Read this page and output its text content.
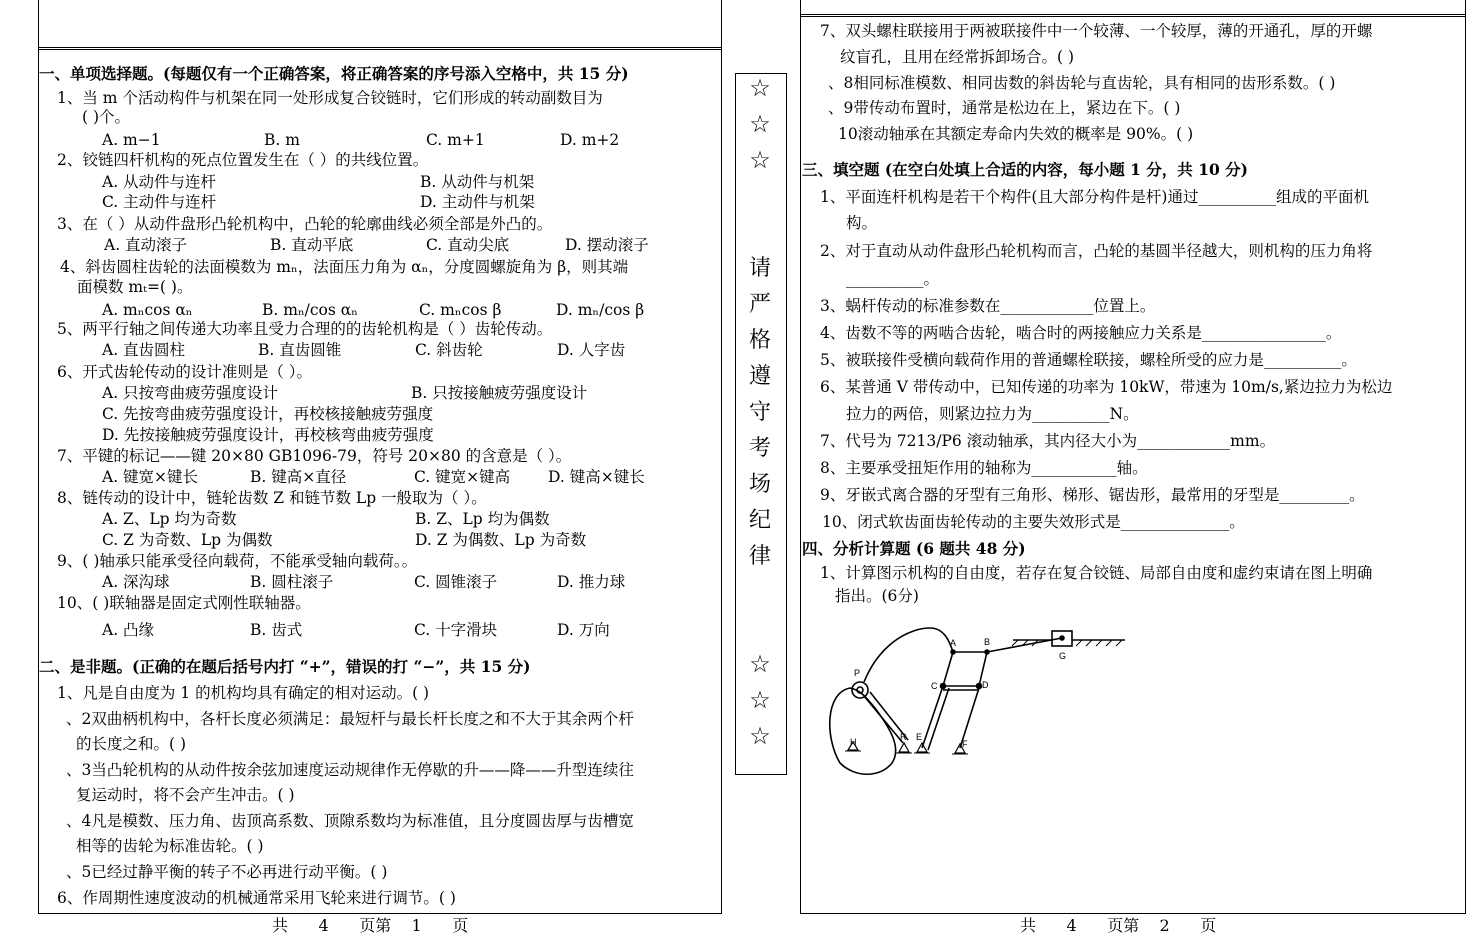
一、单项选择题。(每题仅有一个正确答案，将正确答案的序号添入空格中，共 15 分)
1、当 m 个活动构件与机架在同一处形成复合铰链时，它们形成的转动副数目为
( )个。
A. m−1	B. m	C. m+1	D. m+2
2、铰链四杆机构的死点位置发生在（ ）的共线位置。
A. 从动件与连杆	B. 从动件与机架
C. 主动件与连杆	D. 主动件与机架
3、在（ ）从动件盘形凸轮机构中，凸轮的轮廓曲线必须全部是外凸的。
A. 直动滚子	B. 直动平底	C. 直动尖底	D. 摆动滚子
4、斜齿圆柱齿轮的法面模数为 mₙ，法面压力角为 αₙ，分度圆螺旋角为 β，则其端
面模数 mₜ=( )。
A. mₙcos αₙ	B. mₙ/cos αₙ	C. mₙcos β	D. mₙ/cos β
5、两平行轴之间传递大功率且受力合理的的齿轮机构是（ ）齿轮传动。
A. 直齿圆柱	B. 直齿圆锥	C. 斜齿轮	D. 人字齿
6、开式齿轮传动的设计准则是（ ）。
A. 只按弯曲疲劳强度设计	B. 只按接触疲劳强度设计
C. 先按弯曲疲劳强度设计，再校核接触疲劳强度
D. 先按接触疲劳强度设计，再校核弯曲疲劳强度
7、平键的标记——键 20×80 GB1096-79，符号 20×80 的含意是（ ）。
A. 键宽×键长	B. 键高×直径	C. 键宽×键高 D. 键高×键长
8、链传动的设计中，链轮齿数 Z 和链节数 Lp 一般取为（ ）。
A. Z、Lp 均为奇数	B. Z、Lp 均为偶数
C. Z 为奇数、Lp 为偶数	D. Z 为偶数、Lp 为奇数
9、( )轴承只能承受径向载荷，不能承受轴向载荷。。
A. 深沟球	B. 圆柱滚子	C. 圆锥滚子	D. 推力球
10、( )联轴器是固定式刚性联轴器。
A. 凸缘	B. 齿式	C. 十字滑块	D. 万向
二、是非题。(正确的在题后括号内打 “+”，错误的打 “−”，共 15 分)
1、凡是自由度为 1 的机构均具有确定的相对运动。( )
、2双曲柄机构中，各杆长度必须满足：最短杆与最长杆长度之和不大于其余两个杆
的长度之和。( )
、3当凸轮机构的从动件按余弦加速度运动规律作无停歇的升——降——升型连续往
复运动时，将不会产生冲击。( )
、4凡是模数、压力角、齿顶高系数、顶隙系数均为标准值，且分度圆齿厚与齿槽宽
相等的齿轮为标准齿轮。( )
、5已经过静平衡的转子不必再进行动平衡。( )
6、作周期性速度波动的机械通常采用飞轮来进行调节。( )
☆
☆
☆
☆
☆
☆
请
严
格
遵
守
考
场
纪
律
7、双头螺柱联接用于两被联接件中一个较薄、一个较厚，薄的开通孔，厚的开螺
纹盲孔，且用在经常拆卸场合。( )
、8相同标准模数、相同齿数的斜齿轮与直齿轮，具有相同的齿形系数。( )
、9带传动布置时，通常是松边在上，紧边在下。( )
10滚动轴承在其额定寿命内失效的概率是 90%。( )
三、填空题 (在空白处填上合适的内容，每小题 1 分，共 10 分)
1、平面连杆机构是若干个构件(且大部分构件是杆)通过__________组成的平面机
构。
2、对于直动从动件盘形凸轮机构而言，凸轮的基圆半径越大，则机构的压力角将
__________。
3、蜗杆传动的标准参数在____________位置上。
4、齿数不等的两啮合齿轮，啮合时的两接触应力关系是________________。
5、被联接件受横向载荷作用的普通螺栓联接，螺栓所受的应力是__________。
6、某普通 V 带传动中，已知传递的功率为 10kW，带速为 10m/s,紧边拉力为松边
拉力的两倍，则紧边拉力为__________N。
7、代号为 7213/P6 滚动轴承，其内径大小为____________mm。
8、主要承受扭矩作用的轴称为___________轴。
9、牙嵌式离合器的牙型有三角形、梯形、锯齿形，最常用的牙型是_________。
10、闭式软齿面齿轮传动的主要失效形式是______________。
四、分析计算题 (6 题共 48 分)
1、计算图示机构的自由度，若存在复合铰链、局部自由度和虚约束请在图上明确
指出。(6分)
A	B
G
C	D
P
H	R E
F
共      4      页第    1      页	共      4      页第    2      页
